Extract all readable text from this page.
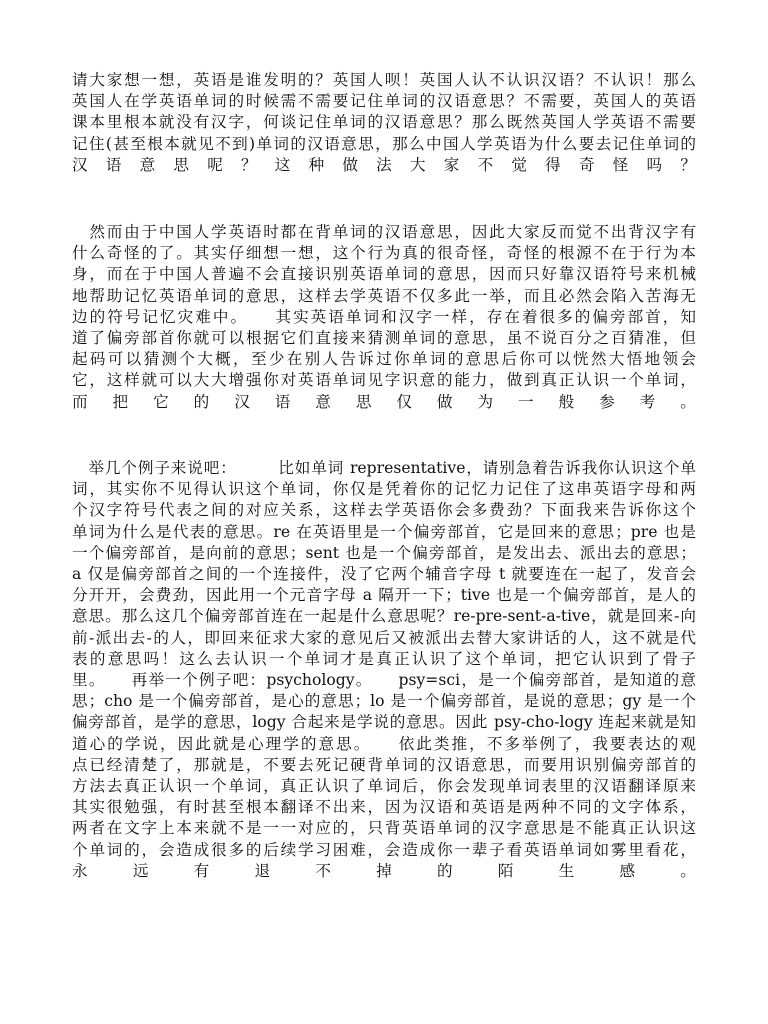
请大家想一想，英语是谁发明的？英国人呗！英国人认不认识汉语？不认识！那么
英国人在学英语单词的时候需不需要记住单词的汉语意思？不需要，英国人的英语
课本里根本就没有汉字，何谈记住单词的汉语意思？那么既然英国人学英语不需要
记住(甚至根本就见不到)单词的汉语意思，那么中国人学英语为什么要去记住单词的
汉 语 意 思 呢 ？ 这 种 做 法 大 家 不 觉 得 奇 怪 吗 ？
　然而由于中国人学英语时都在背单词的汉语意思，因此大家反而觉不出背汉字有
什么奇怪的了。其实仔细想一想，这个行为真的很奇怪，奇怪的根源不在于行为本
身，而在于中国人普遍不会直接识别英语单词的意思，因而只好靠汉语符号来机械
地帮助记忆英语单词的意思，这样去学英语不仅多此一举，而且必然会陷入苦海无
边的符号记忆灾难中。　　其实英语单词和汉字一样，存在着很多的偏旁部首，知
道了偏旁部首你就可以根据它们直接来猜测单词的意思，虽不说百分之百猜准，但
起码可以猜测个大概，至少在别人告诉过你单词的意思后你可以恍然大悟地领会
它，这样就可以大大增强你对英语单词见字识意的能力，做到真正认识一个单词，
而 把 它 的 汉 语 意 思 仅 做 为 一 般 参 考 。
　举几个例子来说吧：　　　比如单词 representative，请别急着告诉我你认识这个单
词，其实你不见得认识这个单词，你仅是凭着你的记忆力记住了这串英语字母和两
个汉字符号代表之间的对应关系，这样去学英语你会多费劲？下面我来告诉你这个
单词为什么是代表的意思。re 在英语里是一个偏旁部首，它是回来的意思；pre 也是
一个偏旁部首，是向前的意思；sent 也是一个偏旁部首，是发出去、派出去的意思；
a 仅是偏旁部首之间的一个连接件，没了它两个辅音字母 t 就要连在一起了，发音会
分开开，会费劲，因此用一个元音字母 a 隔开一下；tive 也是一个偏旁部首，是人的
意思。那么这几个偏旁部首连在一起是什么意思呢？re-pre-sent-a-tive，就是回来-向
前-派出去-的人，即回来征求大家的意见后又被派出去替大家讲话的人，这不就是代
表的意思吗！这么去认识一个单词才是真正认识了这个单词，把它认识到了骨子
里。　　再举一个例子吧：psychology。　　psy=sci，是一个偏旁部首，是知道的意
思；cho 是一个偏旁部首，是心的意思；lo 是一个偏旁部首，是说的意思；gy 是一个
偏旁部首，是学的意思，logy 合起来是学说的意思。因此 psy-cho-logy 连起来就是知
道心的学说，因此就是心理学的意思。　　依此类推，不多举例了，我要表达的观
点已经清楚了，那就是，不要去死记硬背单词的汉语意思，而要用识别偏旁部首的
方法去真正认识一个单词，真正认识了单词后，你会发现单词表里的汉语翻译原来
其实很勉强，有时甚至根本翻译不出来，因为汉语和英语是两种不同的文字体系，
两者在文字上本来就不是一一对应的，只背英语单词的汉字意思是不能真正认识这
个单词的，会造成很多的后续学习困难，会造成你一辈子看英语单词如雾里看花，
永	远	有	退	不	掉	的	陌	生	感	。
